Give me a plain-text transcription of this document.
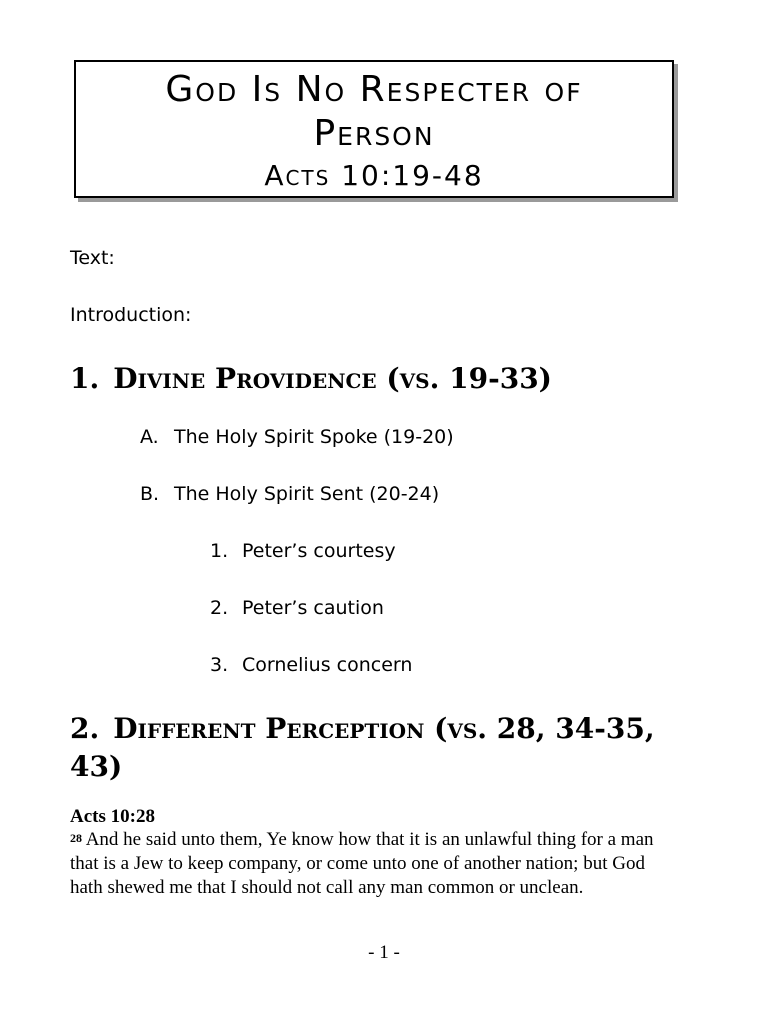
God Is No Respecter of
Person
Acts 10:19-48
Text:
Introduction:
1. Divine Providence (vs. 19-33)
A. The Holy Spirit Spoke (19-20)
B. The Holy Spirit Sent (20-24)
1. Peter’s courtesy
2. Peter’s caution
3. Cornelius concern
2. Different Perception (vs. 28, 34-35, 43)
Acts 10:28
$^{28}$ And he said unto them, Ye know how that it is an unlawful thing for a man that is a Jew to keep company, or come unto one of another nation; but God hath shewed me that I should not call any man common or unclean.
- 1 -
